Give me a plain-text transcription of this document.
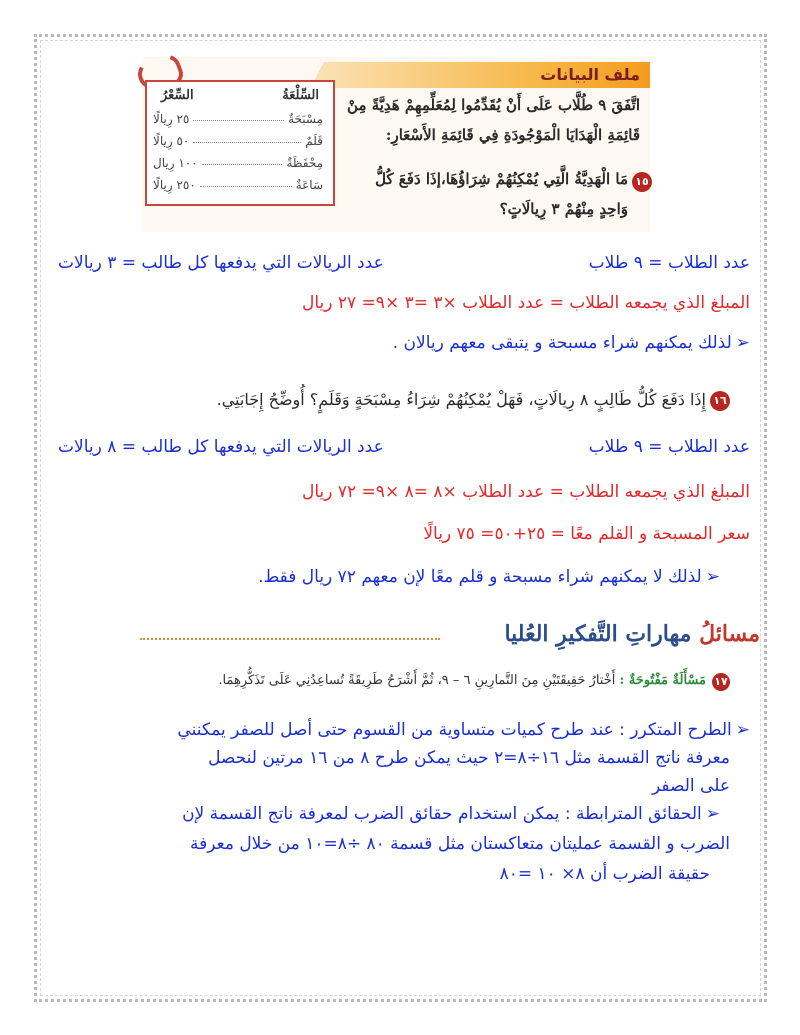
ملف البيانات
السِّلْعَةُ
السِّعْرُ
مِسْبَحَةٌ
٢٥ رِيالًا
قَلَمٌ
٥٠ رِيالًا
مِحْفَظَةٌ
١٠٠ رِيال
سَاعَةٌ
٢٥٠ رِيالًا
اتَّفَقَ ٩ طُلَّاب عَلَى أَنْ يُقَدِّمُوا لِمُعَلِّمِهِمْ هَدِيَّةً مِنْ
قَائِمَةِ الْهَدَايَا الْمَوْجُودَةِ فِي قَائِمَةِ الأَسْعَارِ:
١٥
مَا الْهَدِيَّةُ الَّتِي يُمْكِنُهُمْ شِرَاؤُهَا،إذَا دَفَعَ كُلُّ
وَاحِدٍ مِنْهُمْ ٣ رِيالَاتٍ؟
عدد الطلاب = ٩ طلاب
عدد الريالات التي يدفعها كل طالب = ٣ ريالات
المبلغ الذي يجمعه الطلاب = عدد الطلاب ×٣ =٣ ×٩= ٢٧ ريال
➢ لذلك يمكنهم شراء مسبحة و يتبقى معهم ريالان .
١٦
إِذَا دَفَعَ كُلُّ طَالِبٍ ٨ رِيالَاتٍ، فَهَلْ يُمْكِنُهُمْ شِرَاءُ مِسْبَحَةٍ وَقَلَمٍ؟ أُوضِّحُ إِجَابَتِي.
عدد الطلاب = ٩ طلاب
عدد الريالات التي يدفعها كل طالب = ٨ ريالات
المبلغ الذي يجمعه الطلاب = عدد الطلاب ×٨ =٨ ×٩= ٧٢ ريال
سعر المسبحة و القلم معًا = ٢٥+٥٠= ٧٥ ريالًا
➢ لذلك لا يمكنهم شراء مسبحة و قلم معًا لإن معهم ٧٢ ريال فقط.
مسائلُ مهاراتِ التَّفكيرِ العُليا
١٧
مَسْأَلَةٌ مَفْتُوحَةٌ : أَخْتارُ حَقِيقَتَيْنِ مِنَ التَّمارِينِ ٦ – ٩، ثُمَّ أَشْرَحُ طَرِيقَةً تُساعِدُنِي عَلَى تَذَكُّرِهِمَا.
➢ الطرح المتكرر : عند طرح كميات متساوية من القسوم حتى أصل للصفر يمكنني
معرفة ناتج القسمة مثل ١٦÷٨=٢ حيث يمكن طرح ٨ من ١٦ مرتين لنحصل
على الصفر
➢ الحقائق المترابطة : يمكن استخدام حقائق الضرب لمعرفة ناتج القسمة لإن
الضرب و القسمة عمليتان متعاكستان مثل قسمة ٨٠ ÷٨=١٠ من خلال معرفة
حقيقة الضرب أن ٨× ١٠ =٨٠
